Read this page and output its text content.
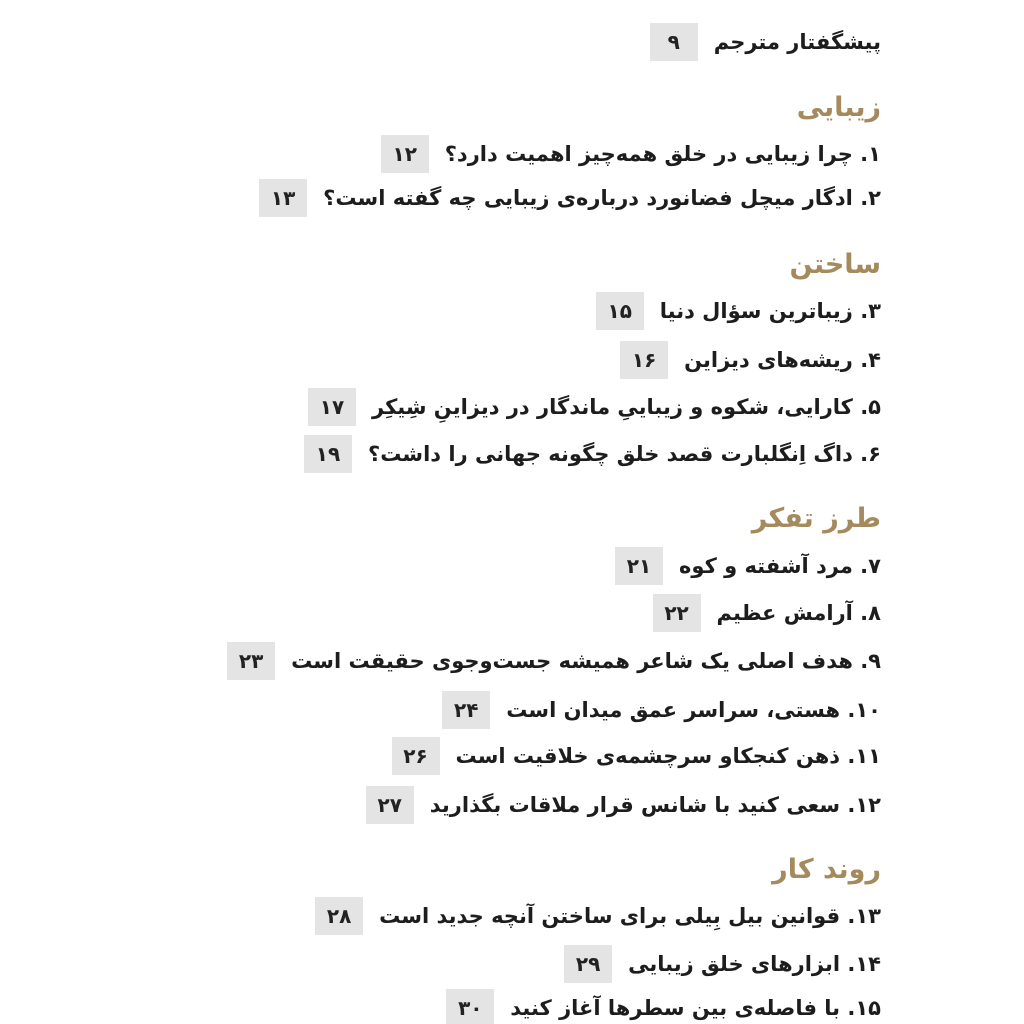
پیشگفتار مترجم
۹
زیبایی
۱. چرا زیبایی در خلق همه‌چیز اهمیت دارد؟
۱۲
۲. ادگار میچل فضانورد درباره‌ی زیبایی چه گفته است؟
۱۳
ساختن
۳. زیباترین سؤال دنیا
۱۵
۴. ریشه‌های دیزاین
۱۶
۵. کارایی، شکوه و زیباییِ ماندگار در دیزاینِ شِیکِر
۱۷
۶. داگ اِنگلبارت قصد خلق چگونه جهانی را داشت؟
۱۹
طرز تفکر
۷. مرد آشفته و کوه
۲۱
۸. آرامش عظیم
۲۲
۹. هدف اصلی یک شاعر همیشه جست‌وجوی حقیقت است
۲۳
۱۰. هستی، سراسر عمق میدان است
۲۴
۱۱. ذهن کنجکاو سرچشمه‌ی خلاقیت است
۲۶
۱۲. سعی کنید با شانس قرار ملاقات بگذارید
۲۷
روند کار
۱۳. قوانین بیل بِیلی برای ساختن آنچه جدید است
۲۸
۱۴. ابزارهای خلق زیبایی
۲۹
۱۵. با فاصله‌ی بین سطرها آغاز کنید
۳۰
